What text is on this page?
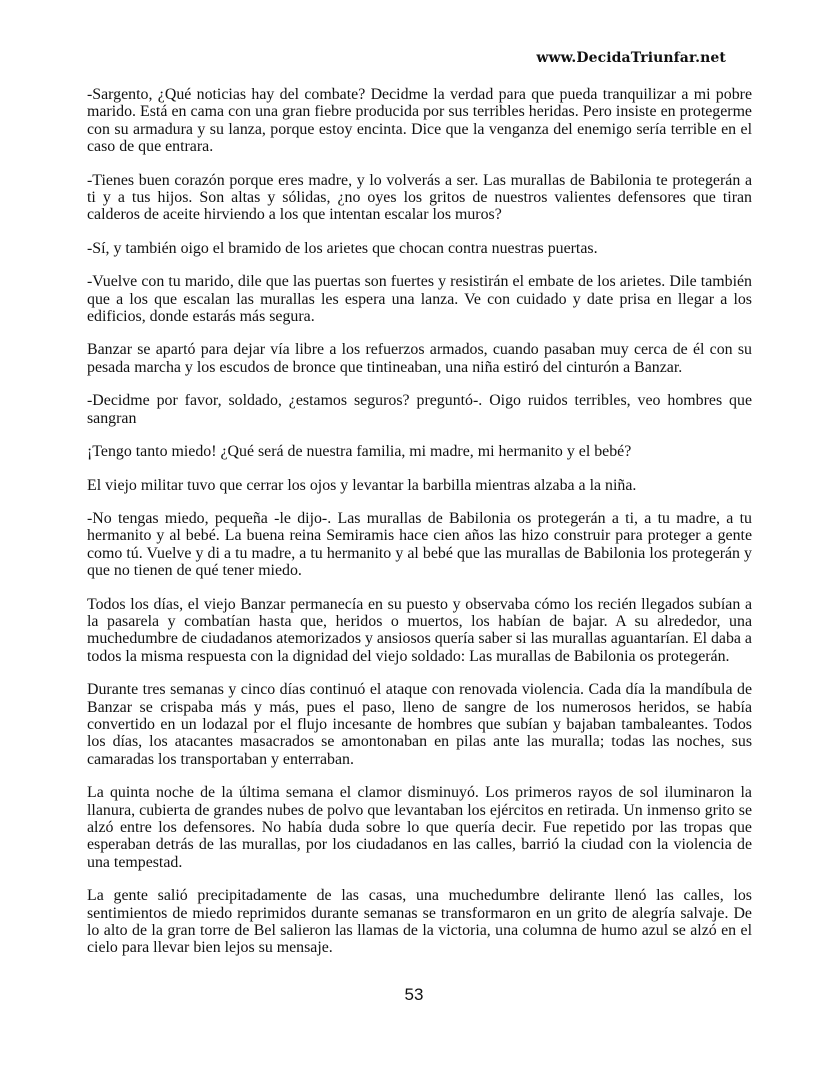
www.DecidaTriunfar.net

-Sargento, ¿Qué noticias hay del combate? Decidme la verdad para que pueda tranquilizar a mi pobre marido. Está en cama con una gran fiebre producida por sus terribles heridas. Pero insiste en protegerme con su armadura y su lanza, porque estoy encinta. Dice que la venganza del enemigo sería terrible en el caso de que entrara.

-Tienes buen corazón porque eres madre, y lo volverás a ser. Las murallas de Babilonia te protegerán a ti y a tus hijos. Son altas y sólidas, ¿no oyes los gritos de nuestros valientes defensores que tiran calderos de aceite hirviendo a los que intentan escalar los muros?

-Sí, y también oigo el bramido de los arietes que chocan contra nuestras puertas.

-Vuelve con tu marido, dile que las puertas son fuertes y resistirán el embate de los arietes. Dile también que a los que escalan las murallas les espera una lanza. Ve con cuidado y date prisa en llegar a los edificios, donde estarás más segura.

Banzar se apartó para dejar vía libre a los refuerzos armados, cuando pasaban muy cerca de él con su pesada marcha y los escudos de bronce que tintineaban, una niña estiró del cinturón a Banzar.

-Decidme por favor, soldado, ¿estamos seguros? preguntó-. Oigo ruidos terribles, veo hombres que sangran

¡Tengo tanto miedo! ¿Qué será de nuestra familia, mi madre, mi hermanito y el bebé?

El viejo militar tuvo que cerrar los ojos y levantar la barbilla mientras alzaba a la niña.

-No tengas miedo, pequeña -le dijo-. Las murallas de Babilonia os protegerán a ti, a tu madre, a tu hermanito y al bebé. La buena reina Semiramis hace cien años las hizo construir para proteger a gente como tú. Vuelve y di a tu madre, a tu hermanito y al bebé que las murallas de Babilonia los protegerán y que no tienen de qué tener miedo.

Todos los días, el viejo Banzar permanecía en su puesto y observaba cómo los recién llegados subían a la pasarela y combatían hasta que, heridos o muertos, los habían de bajar. A su alrededor, una muchedumbre de ciudadanos atemorizados y ansiosos quería saber si las murallas aguantarían. El daba a todos la misma respuesta con la dignidad del viejo soldado: Las murallas de Babilonia os protegerán.

Durante tres semanas y cinco días continuó el ataque con renovada violencia. Cada día la mandíbula de Banzar se crispaba más y más, pues el paso, lleno de sangre de los numerosos heridos, se había convertido en un lodazal por el flujo incesante de hombres que subían y bajaban tambaleantes. Todos los días, los atacantes masacrados se amontonaban en pilas ante las muralla; todas las noches, sus camaradas los transportaban y enterraban.

La quinta noche de la última semana el clamor disminuyó. Los primeros rayos de sol iluminaron la llanura, cubierta de grandes nubes de polvo que levantaban los ejércitos en retirada. Un inmenso grito se alzó entre los defensores. No había duda sobre lo que quería decir. Fue repetido por las tropas que esperaban detrás de las murallas, por los ciudadanos en las calles, barrió la ciudad con la violencia de una tempestad.

La gente salió precipitadamente de las casas, una muchedumbre delirante llenó las calles, los sentimientos de miedo reprimidos durante semanas se transformaron en un grito de alegría salvaje. De lo alto de la gran torre de Bel salieron las llamas de la victoria, una columna de humo azul se alzó en el cielo para llevar bien lejos su mensaje.

53
